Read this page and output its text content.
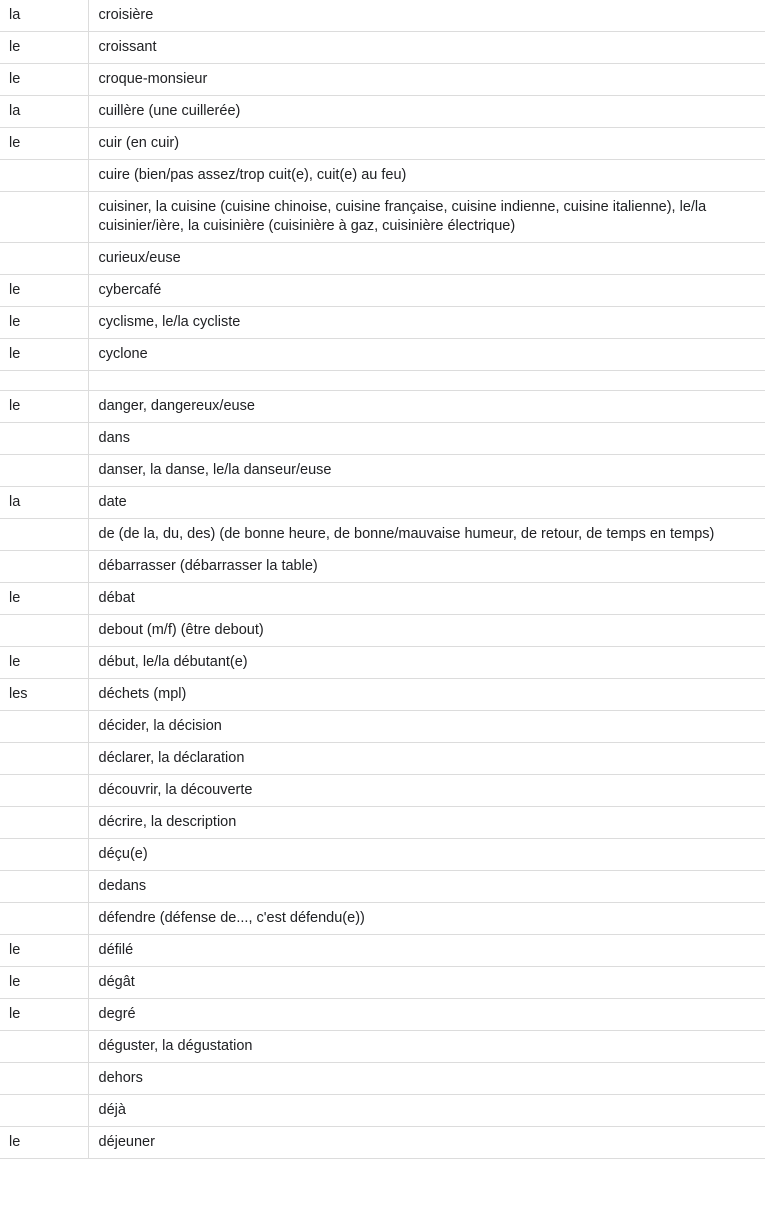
la	croisière
le	croissant
le	croque-monsieur
la	cuillère (une cuillerée)
le	cuir (en cuir)
	cuire (bien/pas assez/trop cuit(e), cuit(e) au feu)
	cuisiner, la cuisine (cuisine chinoise, cuisine française, cuisine indienne, cuisine italienne), le/la cuisinier/ière, la cuisinière (cuisinière à gaz, cuisinière électrique)
	curieux/euse
le	cybercafé
le	cyclisme, le/la cycliste
le	cyclone

le	danger, dangereux/euse
	dans
	danser, la danse, le/la danseur/euse
la	date
	de (de la, du, des) (de bonne heure, de bonne/mauvaise humeur, de retour, de temps en temps)
	débarrasser (débarrasser la table)
le	débat
	debout (m/f) (être debout)
le	début, le/la débutant(e)
les	déchets (mpl)
	décider, la décision
	déclarer, la déclaration
	découvrir, la découverte
	décrire, la description
	déçu(e)
	dedans
	défendre (défense de..., c'est défendu(e))
le	défilé
le	dégât
le	degré
	déguster, la dégustation
	dehors
	déjà
le	déjeuner
